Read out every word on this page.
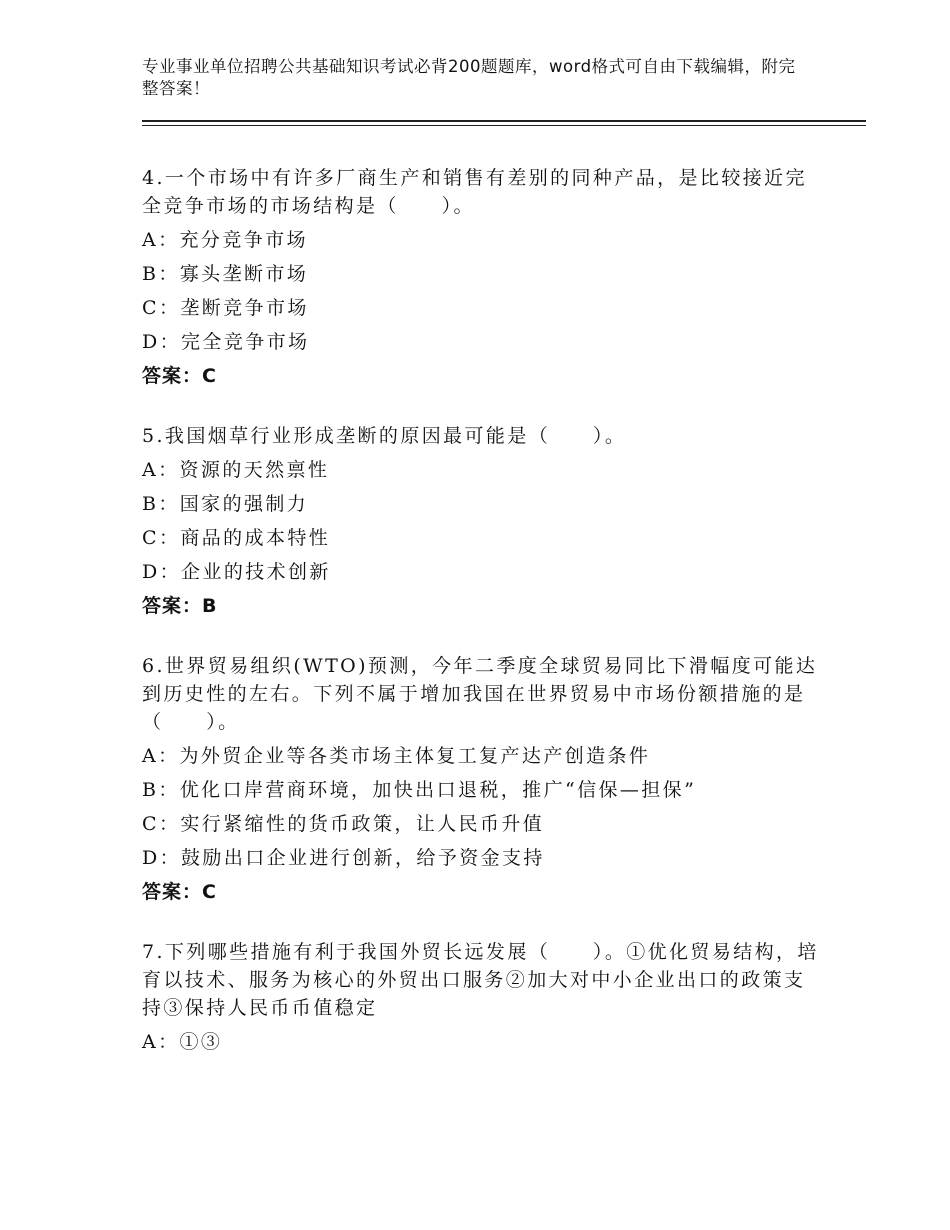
专业事业单位招聘公共基础知识考试必背200题题库，word格式可自由下载编辑，附完整答案！
4.一个市场中有许多厂商生产和销售有差别的同种产品，是比较接近完全竞争市场的市场结构是（　　）。
A：充分竞争市场
B：寡头垄断市场
C：垄断竞争市场
D：完全竞争市场
答案：C
5.我国烟草行业形成垄断的原因最可能是（　　）。
A：资源的天然禀性
B：国家的强制力
C：商品的成本特性
D：企业的技术创新
答案：B
6.世界贸易组织(WTO)预测，今年二季度全球贸易同比下滑幅度可能达到历史性的左右。下列不属于增加我国在世界贸易中市场份额措施的是（　　）。
A：为外贸企业等各类市场主体复工复产达产创造条件
B：优化口岸营商环境，加快出口退税，推广“信保—担保”
C：实行紧缩性的货币政策，让人民币升值
D：鼓励出口企业进行创新，给予资金支持
答案：C
7.下列哪些措施有利于我国外贸长远发展（　　）。①优化贸易结构，培育以技术、服务为核心的外贸出口服务②加大对中小企业出口的政策支持③保持人民币币值稳定
A：①③
